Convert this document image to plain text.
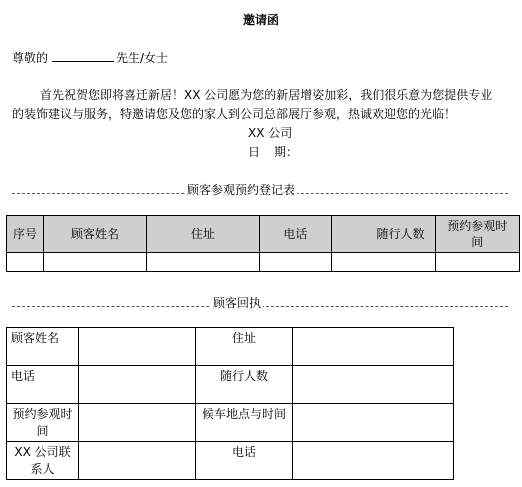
邀请函
尊敬的	先生/女士
首先祝贺您即将喜迁新居！XX 公司愿为您的新居增姿加彩，我们很乐意为您提供专业
的装饰建议与服务，特邀请您及您的家人到公司总部展厅参观，热诚欢迎您的光临！
XX 公司
日 期：
顾客参观预约登记表
序号	顾客姓名	住址	电话	随行人数	预约参观时间

顾客回执
顾客姓名		住址	
电话		随行人数	
预约参观时间		候车地点与时间	
XX 公司联系人		电话	
